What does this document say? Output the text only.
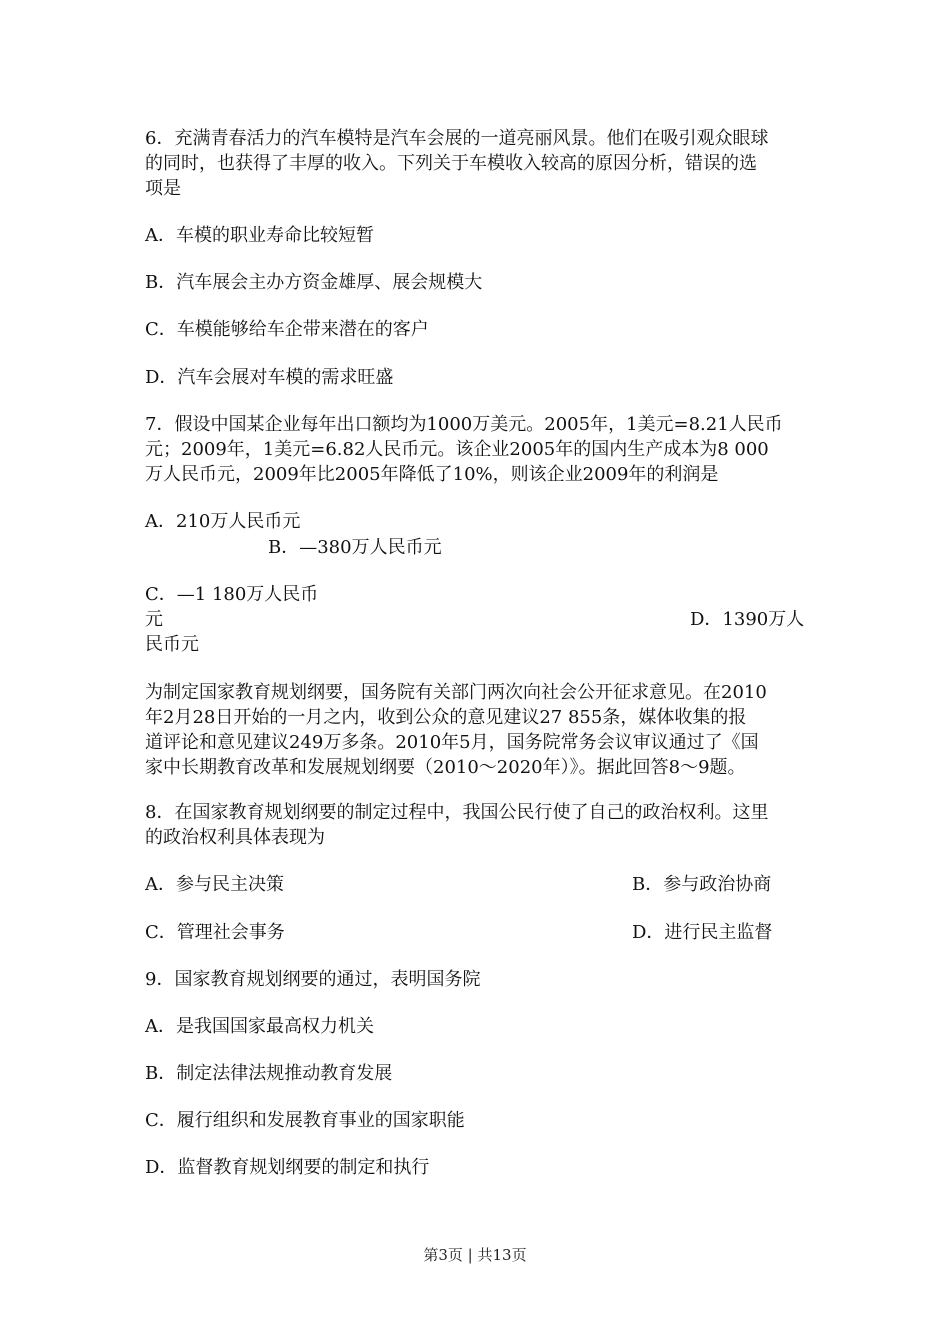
6．充满青春活力的汽车模特是汽车会展的一道亮丽风景。他们在吸引观众眼球
的同时，也获得了丰厚的收入。下列关于车模收入较高的原因分析，错误的选
项是
A．车模的职业寿命比较短暂
B．汽车展会主办方资金雄厚、展会规模大
C．车模能够给车企带来潜在的客户
D．汽车会展对车模的需求旺盛
7．假设中国某企业每年出口额均为1000万美元。2005年，1美元=8.21人民币
元；2009年，1美元=6.82人民币元。该企业2005年的国内生产成本为8 000
万人民币元，2009年比2005年降低了10%，则该企业2009年的利润是
A．210万人民币元
B．—380万人民币元
C．—1 180万人民币
元	D．1390万人
民币元
为制定国家教育规划纲要，国务院有关部门两次向社会公开征求意见。在2010
年2月28日开始的一月之内，收到公众的意见建议27 855条，媒体收集的报
道评论和意见建议249万多条。2010年5月，国务院常务会议审议通过了《国
家中长期教育改革和发展规划纲要（2010～2020年）》。据此回答8～9题。
8．在国家教育规划纲要的制定过程中，我国公民行使了自己的政治权利。这里
的政治权利具体表现为
A．参与民主决策	B．参与政治协商
C．管理社会事务	D．进行民主监督
9．国家教育规划纲要的通过，表明国务院
A．是我国国家最高权力机关
B．制定法律法规推动教育发展
C．履行组织和发展教育事业的国家职能
D．监督教育规划纲要的制定和执行
第3页 | 共13页
